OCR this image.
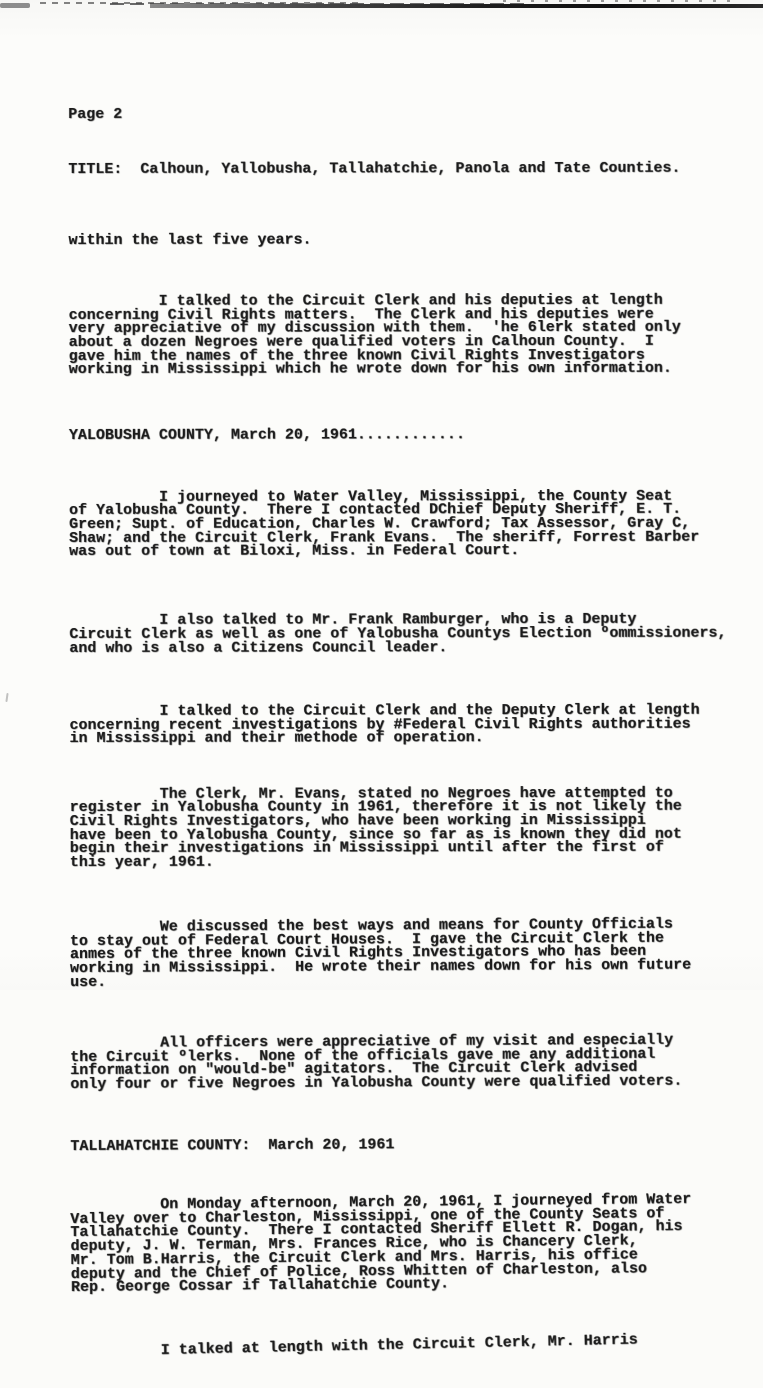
Page 2

TITLE:  Calhoun, Yallobusha, Tallahatchie, Panola and Tate Counties.

within the last five years.

I talked to the Circuit Clerk and his deputies at length
concerning Civil Rights matters.  The Clerk and his deputies were
very appreciative of my discussion with them.  'he 6lerk stated only
about a dozen Negroes were qualified voters in Calhoun County.  I
gave him the names of the three known Civil Rights Investigators
working in Mississippi which he wrote down for his own information.

YALOBUSHA COUNTY, March 20, 1961............

I journeyed to Water Valley, Mississippi, the County Seat
of Yalobusha County.  There I contacted DChief Deputy Sheriff, E. T.
Green; Supt. of Education, Charles W. Crawford; Tax Assessor, Gray C,
Shaw; and the Circuit Clerk, Frank Evans.  The sheriff, Forrest Barber
was out of town at Biloxi, Miss. in Federal Court.

I also talked to Mr. Frank Ramburger, who is a Deputy
Circuit Clerk as well as one of Yalobusha Countys Election ºommissioners,
and who is also a Citizens Council leader.

I talked to the Circuit Clerk and the Deputy Clerk at length
concerning recent investigations by #Federal Civil Rights authorities
in Mississippi and their methode of operation.

The Clerk, Mr. Evans, stated no Negroes have attempted to
register in Yalobusha County in 1961, therefore it is not likely the
Civil Rights Investigators, who have been working in Mississippi
have been to Yalobusha County, since so far as is known they did not
begin their investigations in Mississippi until after the first of
this year, 1961.

We discussed the best ways and means for County Officials
to stay out of Federal Court Houses.  I gave the Circuit Clerk the
anmes of the three known Civil Rights Investigators who has been
working in Mississippi.  He wrote their names down for his own future
use.

All officers were appreciative of my visit and especially
the Circuit ºlerks.  None of the officials gave me any additional
information on "would-be" agitators.  The Circuit Clerk advised
only four or five Negroes in Yalobusha County were qualified voters.

TALLAHATCHIE COUNTY:  March 20, 1961

On Monday afternoon, March 20, 1961, I journeyed from Water
Valley over to Charleston, Mississippi, one of the County Seats of
Tallahatchie County.  There I contacted Sheriff Ellett R. Dogan, his
deputy, J. W. Terman, Mrs. Frances Rice, who is Chancery Clerk,
Mr. Tom B.Harris, the Circuit Clerk and Mrs. Harris, his office
deputy and the Chief of Police, Ross Whitten of Charleston, also
Rep. George Cossar if Tallahatchie County.

I talked at length with the Circuit Clerk, Mr. Harris
